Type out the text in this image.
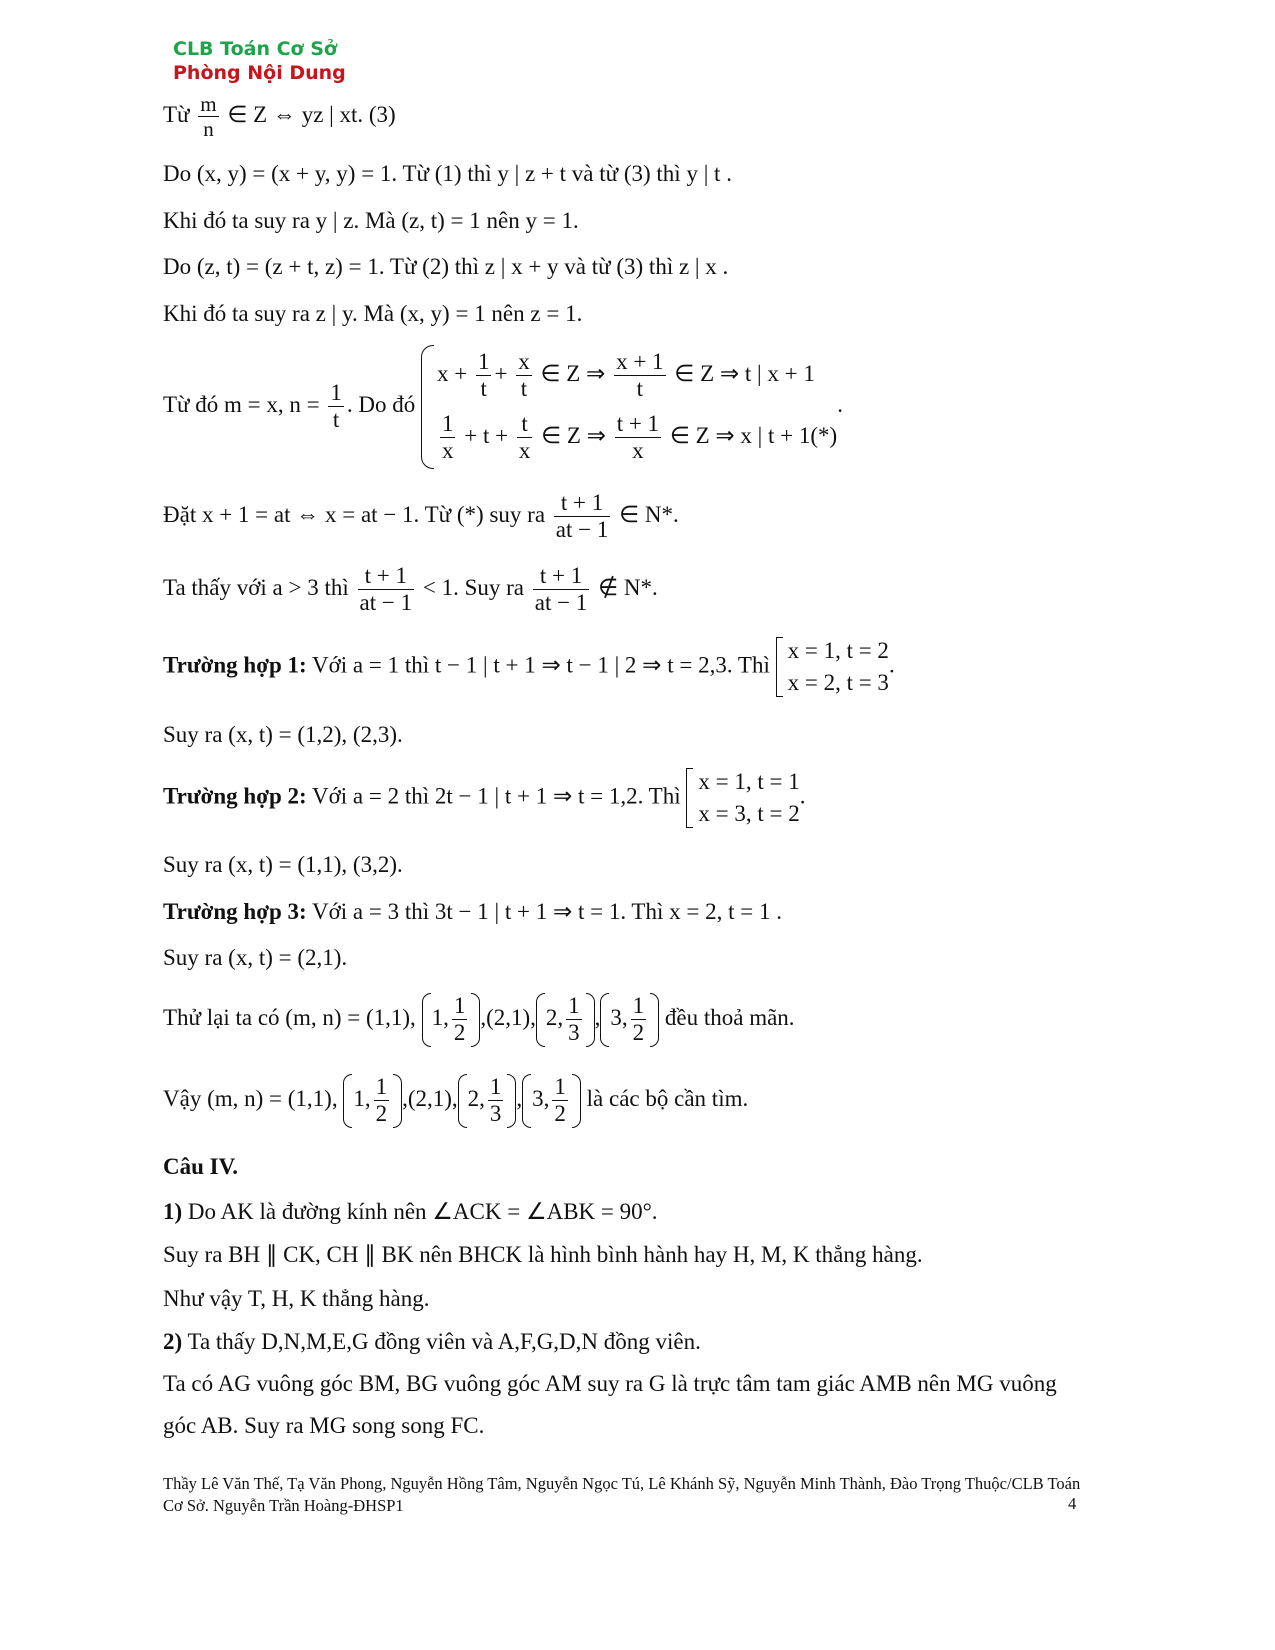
CLB Toán Cơ Sở
Phòng Nội Dung
Từ $\frac{m}{n}$ ∈ Z ⇔ yz | xt. (3)
Do (x, y) = (x + y, y) = 1. Từ (1) thì y | z + t và từ (3) thì y | t .
Khi đó ta suy ra y | z. Mà (z, t) = 1 nên y = 1.
Do (z, t) = (z + t, z) = 1. Từ (2) thì z | x + y và từ (3) thì z | x .
Khi đó ta suy ra z | y. Mà (x, y) = 1 nên z = 1.
Từ đó m = x, $n = \frac{1}{t}$ . Do đó
$x + \frac{1}{t} + \frac{x}{t}$ ∈ Z ⇒ $\frac{x + 1}{t}$ ∈ Z ⇒ t | x + 1
$\frac{1}{x} + t + \frac{t}{x}$ ∈ Z ⇒ $\frac{t + 1}{x}$ ∈ Z ⇒ x | t + 1(*)
.
Đặt x + 1 = at ⇔ x = at − 1. Từ (*) suy ra $\frac{t + 1}{at - 1}$ ∈ N*.
Ta thấy với a > 3 thì $\frac{t + 1}{at - 1} < 1$. Suy ra $\frac{t + 1}{at - 1}$ ∉ N*.
Trường hợp 1: Với a = 1 thì t − 1 | t + 1 ⇒ t − 1 | 2 ⇒ t = 2,3. Thì
x = 1, t = 2
x = 2, t = 3
.
Suy ra (x, t) = (1,2), (2,3).
Trường hợp 2: Với a = 2 thì 2t − 1 | t + 1 ⇒ t = 1,2. Thì
x = 1, t = 1
x = 3, t = 2
.
Suy ra (x, t) = (1,1), (3,2).
Trường hợp 3: Với a = 3 thì 3t − 1 | t + 1 ⇒ t = 1. Thì x = 2, t = 1 .
Suy ra (x, t) = (2,1).
Thử lại ta có (m, n) = (1,1), 1, $\frac{1}{2} ,(2,1)$, 2, $\frac{1}{3}$ , 3, $\frac{1}{2}$ đều thoả mãn.
Vậy (m, n) = (1,1), 1, $\frac{1}{2} ,(2,1)$, 2, $\frac{1}{3}$ , 3, $\frac{1}{2}$ là các bộ cần tìm.
Câu IV.
1) Do AK là đường kính nên ∠ACK = ∠ABK = 90°.
Suy ra BH ∥ CK, CH ∥ BK nên BHCK là hình bình hành hay H, M, K thẳng hàng.
Như vậy T, H, K thẳng hàng.
2) Ta thấy D,N,M,E,G đồng viên và A,F,G,D,N đồng viên.
Ta có AG vuông góc BM, BG vuông góc AM suy ra G là trực tâm tam giác AMB nên MG vuông
góc AB. Suy ra MG song song FC.
Thầy Lê Văn Thế, Tạ Văn Phong, Nguyễn Hồng Tâm, Nguyễn Ngọc Tú, Lê Khánh Sỹ, Nguyễn Minh Thành, Đào Trọng Thuộc/CLB Toán Cơ Sở. Nguyễn Trần Hoàng-ĐHSP1	4
